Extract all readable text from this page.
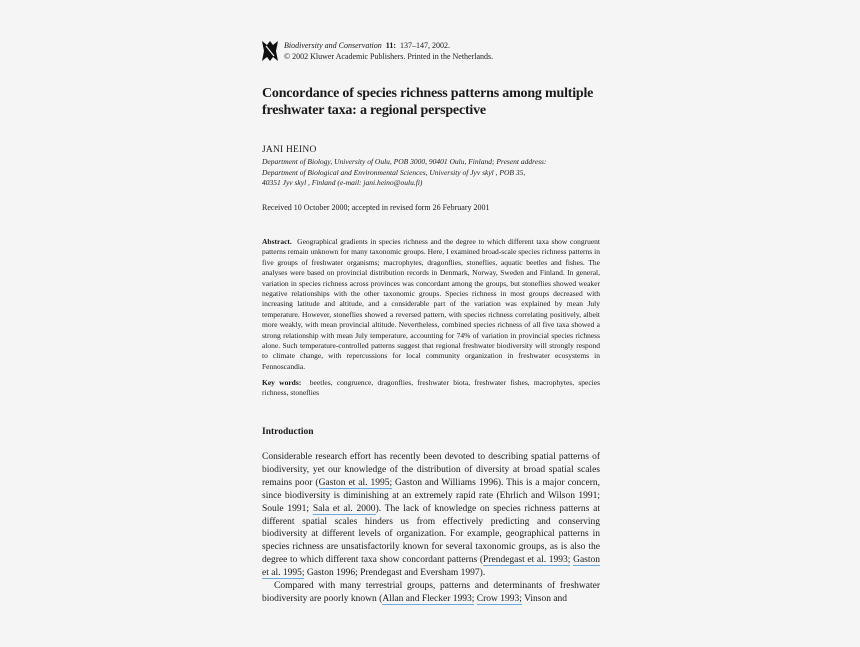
Biodiversity and Conservation 11: 137–147, 2002.
© 2002 Kluwer Academic Publishers. Printed in the Netherlands.
Concordance of species richness patterns among multiple freshwater taxa: a regional perspective
JANI HEINO
Department of Biology, University of Oulu, POB 3000, 90401 Oulu, Finland; Present address:
Department of Biological and Environmental Sciences, University of Jyv skyl , POB 35,
40351 Jyv skyl , Finland (e-mail: jani.heino@oulu.fi)
Received 10 October 2000; accepted in revised form 26 February 2001

Abstract. Geographical gradients in species richness and the degree to which different taxa show congruent patterns remain unknown for many taxonomic groups. Here, I examined broad-scale species richness patterns in five groups of freshwater organisms; macrophytes, dragonflies, stoneflies, aquatic beetles and fishes. The analyses were based on provincial distribution records in Denmark, Norway, Sweden and Finland. In general, variation in species richness across provinces was concordant among the groups, but stoneflies showed weaker negative relationships with the other taxonomic groups. Species richness in most groups decreased with increasing latitude and altitude, and a considerable part of the variation was explained by mean July temperature. However, stoneflies showed a reversed pattern, with species richness correlating positively, albeit more weakly, with mean provincial altitude. Nevertheless, combined species richness of all five taxa showed a strong relationship with mean July temperature, accounting for 74% of variation in provincial species richness alone. Such temperature-controlled patterns suggest that regional freshwater biodiversity will strongly respond to climate change, with repercussions for local community organization in freshwater ecosystems in Fennoscandia.

Key words: beetles, congruence, dragonflies, freshwater biota, freshwater fishes, macrophytes, species richness, stoneflies

Introduction

Considerable research effort has recently been devoted to describing spatial patterns of biodiversity, yet our knowledge of the distribution of diversity at broad spatial scales remains poor (Gaston et al. 1995; Gaston and Williams 1996). This is a major concern, since biodiversity is diminishing at an extremely rapid rate (Ehrlich and Wilson 1991; Soule 1991; Sala et al. 2000). The lack of knowledge on species richness patterns at different spatial scales hinders us from effectively predicting and conserving biodiversity at different levels of organization. For example, geographical patterns in species richness are unsatisfactorily known for several taxonomic groups, as is also the degree to which different taxa show concordant patterns (Prendegast et al. 1993; Gaston et al. 1995; Gaston 1996; Prendegast and Eversham 1997).

Compared with many terrestrial groups, patterns and determinants of freshwater biodiversity are poorly known (Allan and Flecker 1993; Crow 1993; Vinson and
